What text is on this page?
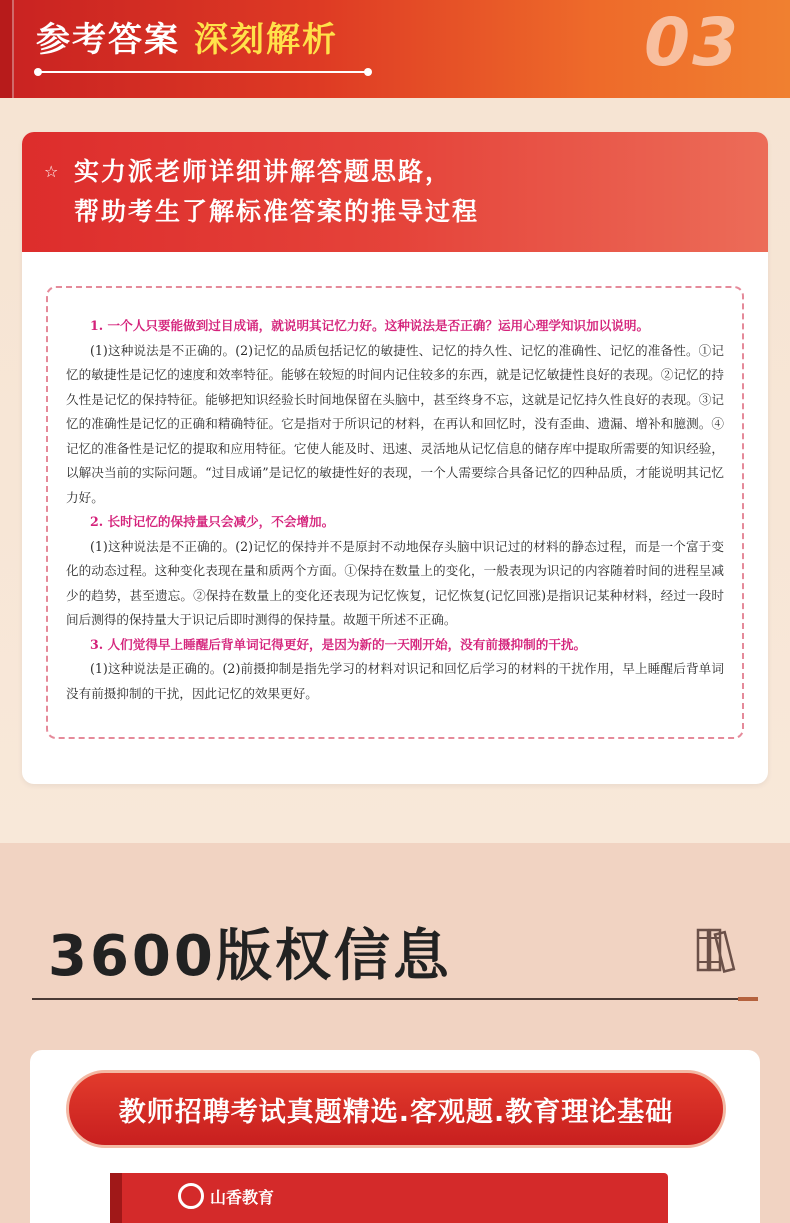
参考答案 深刻解析	03
☆ 实力派老师详细讲解答题思路，
帮助考生了解标准答案的推导过程
1. 一个人只要能做到过目成诵，就说明其记忆力好。这种说法是否正确？运用心理学知识加以说明。
(1)这种说法是不正确的。(2)记忆的品质包括记忆的敏捷性、记忆的持久性、记忆的准确性、记忆的准备性。①记忆的敏捷性是记忆的速度和效率特征。能够在较短的时间内记住较多的东西，就是记忆敏捷性良好的表现。②记忆的持久性是记忆的保持特征。能够把知识经验长时间地保留在头脑中，甚至终身不忘，这就是记忆持久性良好的表现。③记忆的准确性是记忆的正确和精确特征。它是指对于所识记的材料，在再认和回忆时，没有歪曲、遗漏、增补和臆测。④记忆的准备性是记忆的提取和应用特征。它使人能及时、迅速、灵活地从记忆信息的储存库中提取所需要的知识经验，以解决当前的实际问题。“过目成诵”是记忆的敏捷性好的表现，一个人需要综合具备记忆的四种品质，才能说明其记忆力好。
2. 长时记忆的保持量只会减少，不会增加。
(1)这种说法是不正确的。(2)记忆的保持并不是原封不动地保存头脑中识记过的材料的静态过程，而是一个富于变化的动态过程。这种变化表现在量和质两个方面。①保持在数量上的变化，一般表现为识记的内容随着时间的进程呈减少的趋势，甚至遗忘。②保持在数量上的变化还表现为记忆恢复，记忆恢复(记忆回涨)是指识记某种材料，经过一段时间后测得的保持量大于识记后即时测得的保持量。故题干所述不正确。
3. 人们觉得早上睡醒后背单词记得更好，是因为新的一天刚开始，没有前摄抑制的干扰。
(1)这种说法是正确的。(2)前摄抑制是指先学习的材料对识记和回忆后学习的材料的干扰作用，早上睡醒后背单词没有前摄抑制的干扰，因此记忆的效果更好。
3600版权信息
教师招聘考试真题精选.客观题.教育理论基础
山香教育
